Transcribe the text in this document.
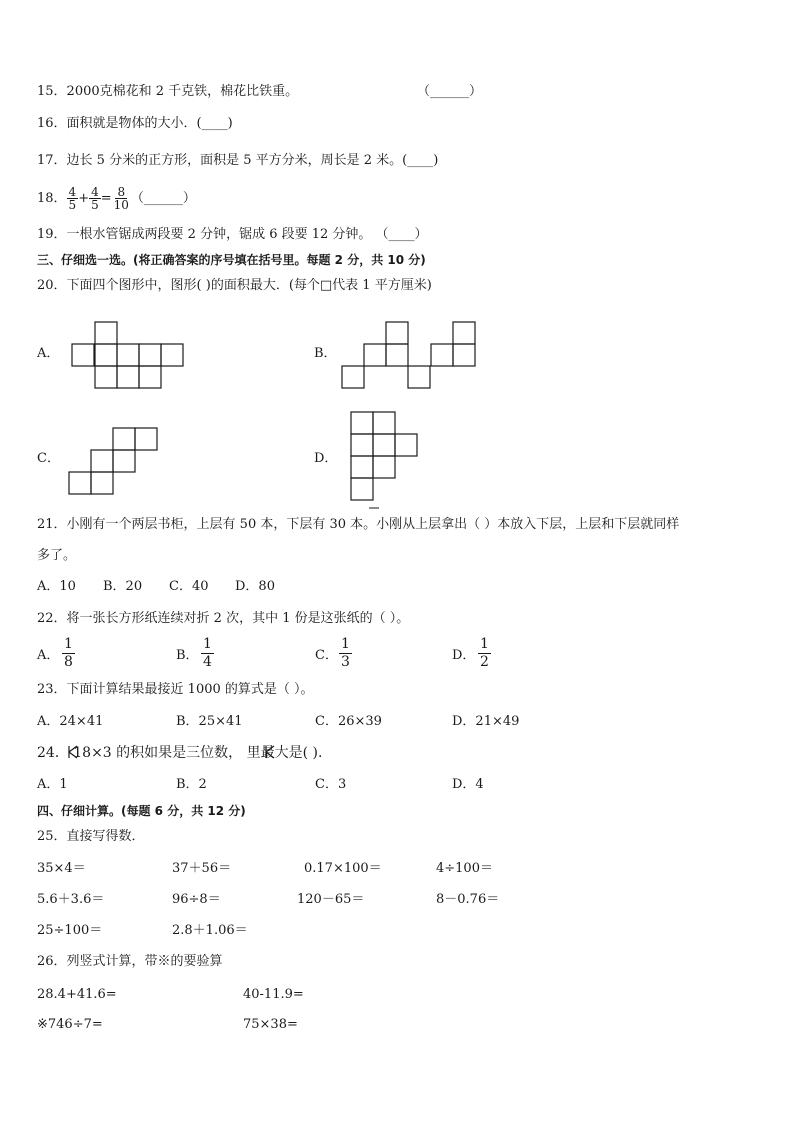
15．2000克棉花和 2 千克铁，棉花比铁重。	（______）
16．面积就是物体的大小．(____)
17．边长 5 分米的正方形，面积是 5 平方分米，周长是 2 米。(____)
18． $\frac{4}{5} + \frac{4}{5} = \frac{8}{10}$ （______）
19．一根水管锯成两段要 2 分钟，锯成 6 段要 12 分钟。 （____）
三、仔细选一选。(将正确答案的序号填在括号里。每题 2 分，共 10 分)
20．下面四个图形中，图形( )的面积最大．(每个□代表 1 平方厘米)
A．	B．
C．	D．
21．小刚有一个两层书柜，上层有 50 本，下层有 30 本。小刚从上层拿出（ ）本放入下层，上层和下层就同样
多了。
A．10 B．20 C．40 D．80
22．将一张长方形纸连续对折 2 次，其中 1 份是这张纸的（ ）。
A． $\frac{1}{8}$	B． $\frac{1}{4}$	C． $\frac{1}{3}$	D． $\frac{1}{2}$
23．下面计算结果最接近 1000 的算式是（ ）。
A．24×41	B．25×41	C．26×39	D．21×49
24． 18×3 的积如果是三位数， 里最大是( ).
A．1	B．2	C．3	D．4
四、仔细计算。(每题 6 分，共 12 分)
25．直接写得数．
35×4＝	37＋56＝	0.17×100＝	4÷100＝
5.6＋3.6＝	96÷8＝	120－65＝	8－0.76＝
25÷100＝	2.8＋1.06＝
26．列竖式计算，带※的要验算
28.4+41.6=	40-11.9=
※746÷7=	75×38=
